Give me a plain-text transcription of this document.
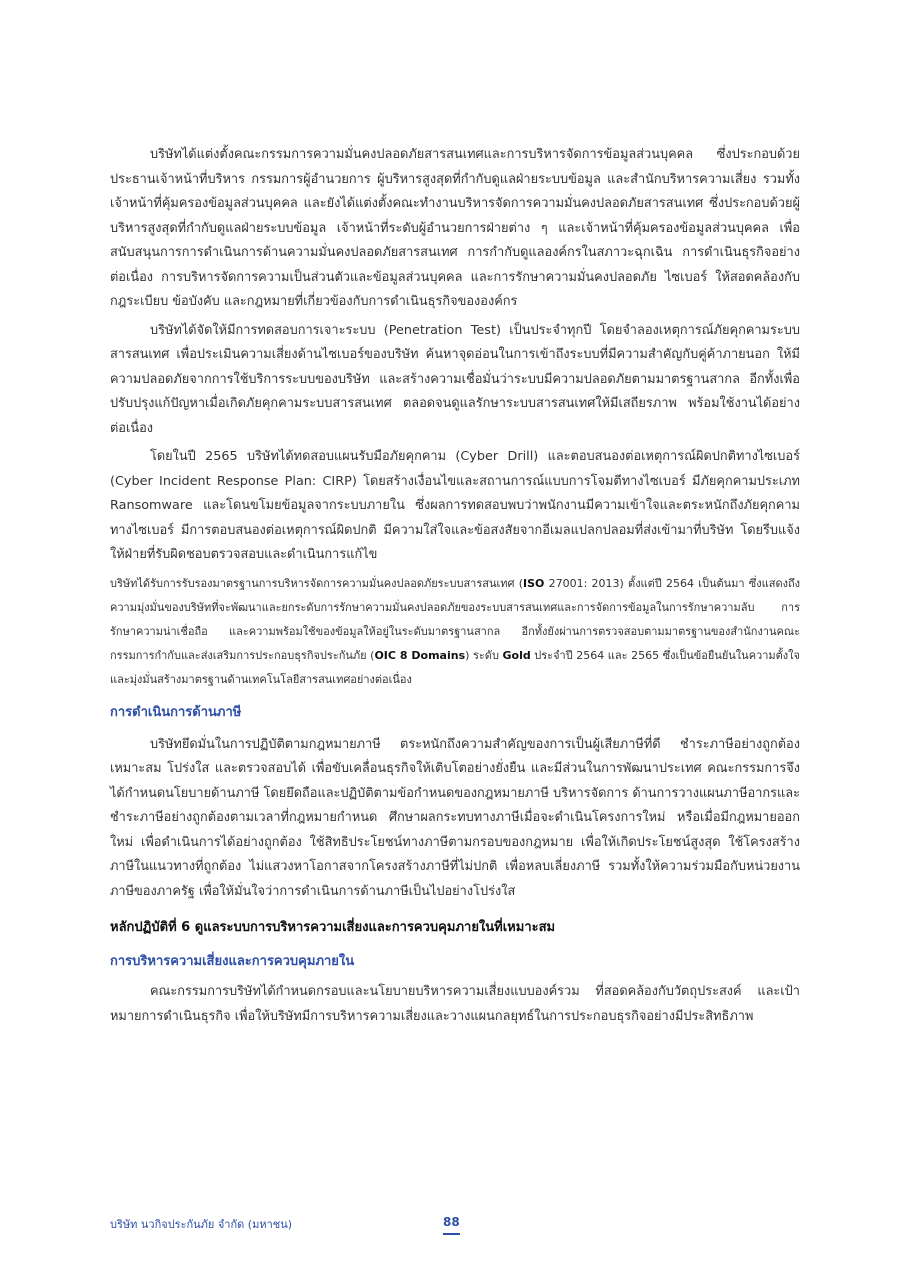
บริษัทได้แต่งตั้งคณะกรรมการความมั่นคงปลอดภัยสารสนเทศและการบริหารจัดการข้อมูลส่วนบุคคล ซึ่งประกอบด้วยประธานเจ้าหน้าที่บริหาร กรรมการผู้อำนวยการ ผู้บริหารสูงสุดที่กำกับดูแลฝ่ายระบบข้อมูล และสำนักบริหารความเสี่ยง รวมทั้งเจ้าหน้าที่คุ้มครองข้อมูลส่วนบุคคล และยังได้แต่งตั้งคณะทำงานบริหารจัดการความมั่นคงปลอดภัยสารสนเทศ ซึ่งประกอบด้วยผู้บริหารสูงสุดที่กำกับดูแลฝ่ายระบบข้อมูล เจ้าหน้าที่ระดับผู้อำนวยการฝ่ายต่าง ๆ และเจ้าหน้าที่คุ้มครองข้อมูลส่วนบุคคล เพื่อสนับสนุนการการดำเนินการด้านความมั่นคงปลอดภัยสารสนเทศ การกำกับดูแลองค์กรในสภาวะฉุกเฉิน การดำเนินธุรกิจอย่างต่อเนื่อง การบริหารจัดการความเป็นส่วนตัวและข้อมูลส่วนบุคคล และการรักษาความมั่นคงปลอดภัย ไซเบอร์ ให้สอดคล้องกับกฎระเบียบ ข้อบังคับ และกฎหมายที่เกี่ยวข้องกับการดำเนินธุรกิจขององค์กร

บริษัทได้จัดให้มีการทดสอบการเจาะระบบ (Penetration Test) เป็นประจำทุกปี โดยจำลองเหตุการณ์ภัยคุกคามระบบสารสนเทศ เพื่อประเมินความเสี่ยงด้านไซเบอร์ของบริษัท ค้นหาจุดอ่อนในการเข้าถึงระบบที่มีความสำคัญกับคู่ค้าภายนอก ให้มีความปลอดภัยจากการใช้บริการระบบของบริษัท และสร้างความเชื่อมั่นว่าระบบมีความปลอดภัยตามมาตรฐานสากล อีกทั้งเพื่อปรับปรุงแก้ปัญหาเมื่อเกิดภัยคุกคามระบบสารสนเทศ ตลอดจนดูแลรักษาระบบสารสนเทศให้มีเสถียรภาพ พร้อมใช้งานได้อย่างต่อเนื่อง

โดยในปี 2565 บริษัทได้ทดสอบแผนรับมือภัยคุกคาม (Cyber Drill) และตอบสนองต่อเหตุการณ์ผิดปกติทางไซเบอร์ (Cyber Incident Response Plan: CIRP) โดยสร้างเงื่อนไขและสถานการณ์แบบการโจมตีทางไซเบอร์ มีภัยคุกคามประเภท Ransomware และโดนขโมยข้อมูลจากระบบภายใน ซึ่งผลการทดสอบพบว่าพนักงานมีความเข้าใจและตระหนักถึงภัยคุกคามทางไซเบอร์ มีการตอบสนองต่อเหตุการณ์ผิดปกติ มีความใส่ใจและข้อสงสัยจากอีเมลแปลกปลอมที่ส่งเข้ามาที่บริษัท โดยรีบแจ้งให้ฝ่ายที่รับผิดชอบตรวจสอบและดำเนินการแก้ไข

บริษัทได้รับการรับรองมาตรฐานการบริหารจัดการความมั่นคงปลอดภัยระบบสารสนเทศ (ISO 27001: 2013) ตั้งแต่ปี 2564 เป็นต้นมา ซึ่งแสดงถึงความมุ่งมั่นของบริษัทที่จะพัฒนาและยกระดับการรักษาความมั่นคงปลอดภัยของระบบสารสนเทศและการจัดการข้อมูลในการรักษาความลับ การรักษาความน่าเชื่อถือ และความพร้อมใช้ของข้อมูลให้อยู่ในระดับมาตรฐานสากล อีกทั้งยังผ่านการตรวจสอบตามมาตรฐานของสำนักงานคณะกรรมการกำกับและส่งเสริมการประกอบธุรกิจประกันภัย (OIC 8 Domains) ระดับ Gold ประจำปี 2564 และ 2565 ซึ่งเป็นข้อยืนยันในความตั้งใจและมุ่งมั่นสร้างมาตรฐานด้านเทคโนโลยีสารสนเทศอย่างต่อเนื่อง

การดำเนินการด้านภาษี

บริษัทยึดมั่นในการปฏิบัติตามกฎหมายภาษี ตระหนักถึงความสำคัญของการเป็นผู้เสียภาษีที่ดี ชำระภาษีอย่างถูกต้องเหมาะสม โปร่งใส และตรวจสอบได้ เพื่อขับเคลื่อนธุรกิจให้เติบโตอย่างยั่งยืน และมีส่วนในการพัฒนาประเทศ คณะกรรมการจึงได้กำหนดนโยบายด้านภาษี โดยยึดถือและปฏิบัติตามข้อกำหนดของกฎหมายภาษี บริหารจัดการ ด้านการวางแผนภาษีอากรและชำระภาษีอย่างถูกต้องตามเวลาที่กฎหมายกำหนด ศึกษาผลกระทบทางภาษีเมื่อจะดำเนินโครงการใหม่ หรือเมื่อมีกฎหมายออกใหม่ เพื่อดำเนินการได้อย่างถูกต้อง ใช้สิทธิประโยชน์ทางภาษีตามกรอบของกฎหมาย เพื่อให้เกิดประโยชน์สูงสุด ใช้โครงสร้างภาษีในแนวทางที่ถูกต้อง ไม่แสวงหาโอกาสจากโครงสร้างภาษีที่ไม่ปกติ เพื่อหลบเลี่ยงภาษี รวมทั้งให้ความร่วมมือกับหน่วยงานภาษีของภาครัฐ เพื่อให้มั่นใจว่าการดำเนินการด้านภาษีเป็นไปอย่างโปร่งใส

หลักปฏิบัติที่ 6 ดูแลระบบการบริหารความเสี่ยงและการควบคุมภายในที่เหมาะสม
การบริหารความเสี่ยงและการควบคุมภายใน

คณะกรรมการบริษัทได้กำหนดกรอบและนโยบายบริหารความเสี่ยงแบบองค์รวม ที่สอดคล้องกับวัตถุประสงค์ และเป้าหมายการดำเนินธุรกิจ เพื่อให้บริษัทมีการบริหารความเสี่ยงและวางแผนกลยุทธ์ในการประกอบธุรกิจอย่างมีประสิทธิภาพ

บริษัท นวกิจประกันภัย จำกัด (มหาชน)	88
